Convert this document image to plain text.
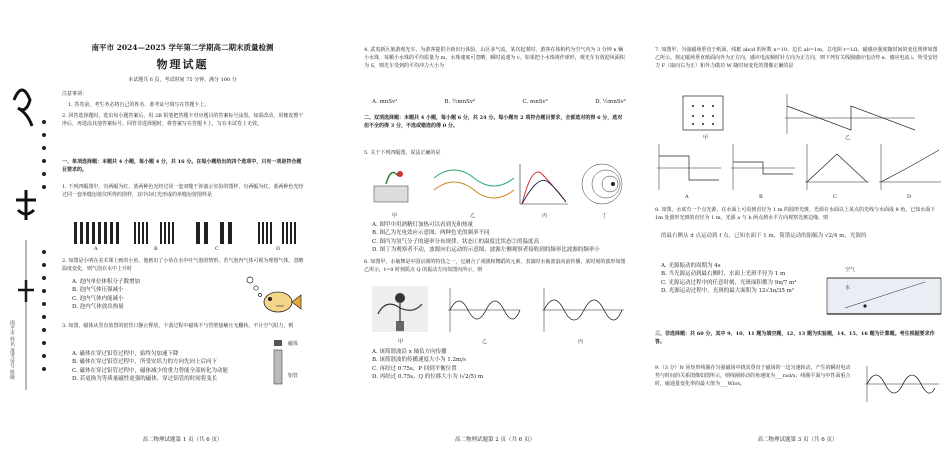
南平市 姓名 准考证号 班级
南平市 2024—2025 学年第二学期高二期末质量检测
物理试题
本试题共 6 页，考试时间 75 分钟，满分 100 分
注意事项：
1. 答卷前，考生务必将自己的姓名、准考证号填写在答题卡上。
2. 回答选择题时，选出每小题答案后，用 2B 铅笔把答题卡对应题目的答案标号涂黑。如需改动，用橡皮擦干净后，再选涂其他答案标号。回答非选择题时，将答案写在答题卡上，写在本试卷上无效。
一、单项选择题：本题共 4 小题，每小题 4 分，共 16 分。在每小题给出的四个选项中，只有一项是符合题目要求的。
1. 下列四幅图中，有两幅为红、蓝两种色光经过同一套双缝干涉演示实验的图样，有两幅为红、蓝两种色光经过同一套单缝衍射仪所得的图样，其中由红光形成的单缝衍射图样是
A	B	C	D
2. 如图是小明在美术课上画的小鱼，他画出了小鱼在水中吐气泡的情形。若气泡内气体可视为理想气体，忽略温度变化，则气泡在水中上升时
A. 泡内单位体积分子数增加
B. 泡内气体压强减小
C. 泡内气体内能减小
D. 泡内气体放出热量
3. 如图，磁体从竖直放置的铝管口静止释放，下落过程中磁体不与管壁接触且无翻转。不计空气阻力，则
A. 磁体在穿过铝管过程中，始终匀加速下降
B. 磁体在穿过铝管过程中，所受安培力的方向先向上后向下
C. 磁体在穿过铝管过程中，磁体减少的重力势能全部转化为动能
D. 若更换为等质量磁性更强的磁体，穿过铝管的时间将变长
磁体
铝管
高二物理试题第 1 页（共 6 页）
4. 武夷新区旅游观光车，为游客提供全新出行体验。山区多气流，某次起雾时，游客在体积约为空气内为 3 分钟 n 辆小水珠，每颗小水珠的平均质量为 m，水珠速度可忽略，瞬时流速为 v。如果把小水珠视作球形，观光车有效迎风面积为 S，则光车受到的平均冲力大小为
A. mnSv²	B. ½mnSv²	C. mnSv²	D. ½mnSv²
二、双项选择题：本题共 4 小题，每小题 6 分，共 24 分。每小题有 2 项符合题目要求，全部选对的得 6 分，选对但不全的得 3 分，不选或错选的得 0 分。
5. 关于下列四幅图，说法正确的是
甲	乙	丙	丁
A. 图甲中用酒精灯加热可以看到光和热量
B. 图乙为光电效应示意图，两种色光的频率不同
C. 图丙为氢气分子的速率分布规律，状态①的温度比状态②的温度高
D. 图丁为观察者不动，波源向右运动的示意图，波源左侧观察者接收到的频率比波源的频率小
6. 如图甲，水袖舞是中国京剧的特技之一，它融合了戏剧和舞蹈的元素，表演时水袖波浪向前传播，某时刻的波形如图乙所示，t=0 时刻质点 Q 的振动方向如图丙所示，则
甲	乙	丙
A. 该简谐波沿 x 轴负方向传播
B. 该简谐波的传播速度大小为 1.2m/s
C. 再经过 0.75s，P 回到平衡位置
D. 再经过 0.75s，Q 的位移大小为 (√2/5) m
高二物理试题第 2 页（共 6 页）
7. 如图甲，匀强磁场垂直于纸面，线框 abcd 的匝数 n=10，边长 ab=1m，总电阻 r=1Ω，磁感应强度随时间的变化规律如图乙所示。规定磁场垂直纸面向外为正方向，感应电流顺时针方向为正方向，则下列有关线圈感应电动势 e、感应电流 i、所受安培力 F（取向右为正）和外力做功 W 随时间变化的图像正确的是
甲	乙
A	B	C	D
8. 如图，水底有一个点光源，在水面上可看到直径为 1 m 的圆形光斑，光源在水面以上某点的光线与水面成 θ 角。已知水面下 1m 处圆形光斑的直径为 1 m，光源 a 与 b 两点到水平方向观察光斑边缘，则
的最右侧从 d 点运动到 f 点，已知水面下 1 m，简谐运动的振幅为 √2/4 m，光源的
A. 光源振动的周期为 4s
B. 当光源运动到最右侧时，水面上光斑半径为 1 m
C. 光源运动过程中的任意时刻，光斑面积都为 9π/7 m²
D. 光源运动过程中，光斑的最大面积为 12√3π/35 m²
空气
水
三、非选择题：共 60 分，其中 9、10、11 题为填空题，12、13 题为实验题，14、15、16 题为计算题。考生根据要求作答。
9.（3 分）N 匝矩形线圈在匀强磁场中绕其垂直于磁场的一边匀速转动，产生的瞬时电动势与时间的关系图像如图所示，则线圈转动的角速度为___rad/s；线圈平面与中性面重合时，磁通量变化率的最大值为___Wb/s。
高二物理试题第 3 页（共 6 页）
